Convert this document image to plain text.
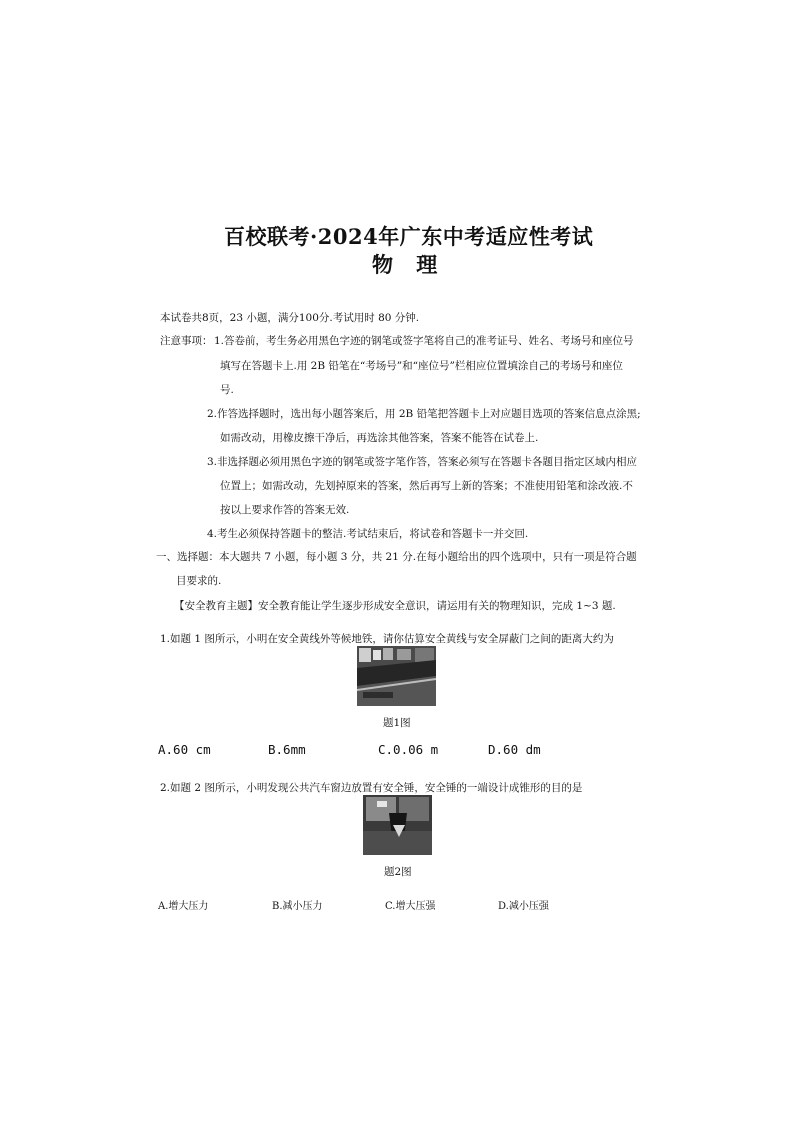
百校联考·2024年广东中考适应性考试
物 理
本试卷共8页，23 小题，满分100分.考试用时 80 分钟.
注意事项： 1.答卷前，考生务必用黑色字迹的钢笔或签字笔将自己的准考证号、姓名、考场号和座位号
填写在答题卡上.用 2B 铅笔在“考场号”和“座位号”栏相应位置填涂自己的考场号和座位
号.
2.作答选择题时，选出每小题答案后，用 2B 铅笔把答题卡上对应题目选项的答案信息点涂黑;
如需改动，用橡皮擦干净后，再选涂其他答案，答案不能答在试卷上.
3.非选择题必须用黑色字迹的钢笔或签字笔作答，答案必须写在答题卡各题目指定区域内相应
位置上；如需改动，先划掉原来的答案，然后再写上新的答案；不准使用铅笔和涂改液.不
按以上要求作答的答案无效.
4.考生必须保持答题卡的整洁.考试结束后，将试卷和答题卡一并交回.
一、选择题：本大题共 7 小题，每小题 3 分，共 21 分.在每小题给出的四个选项中，只有一项是符合题
目要求的.
【安全教育主题】安全教育能让学生逐步形成安全意识，请运用有关的物理知识，完成 1~3 题.
1.如题 1 图所示，小明在安全黄线外等候地铁，请你估算安全黄线与安全屏蔽门之间的距离大约为
题1图
A.60 cm	B.6mm	C.0.06 m	D.60 dm
2.如题 2 图所示，小明发现公共汽车窗边放置有安全锤，安全锤的一端设计成锥形的目的是
题2图
A.增大压力	B.减小压力	C.增大压强	D.减小压强
